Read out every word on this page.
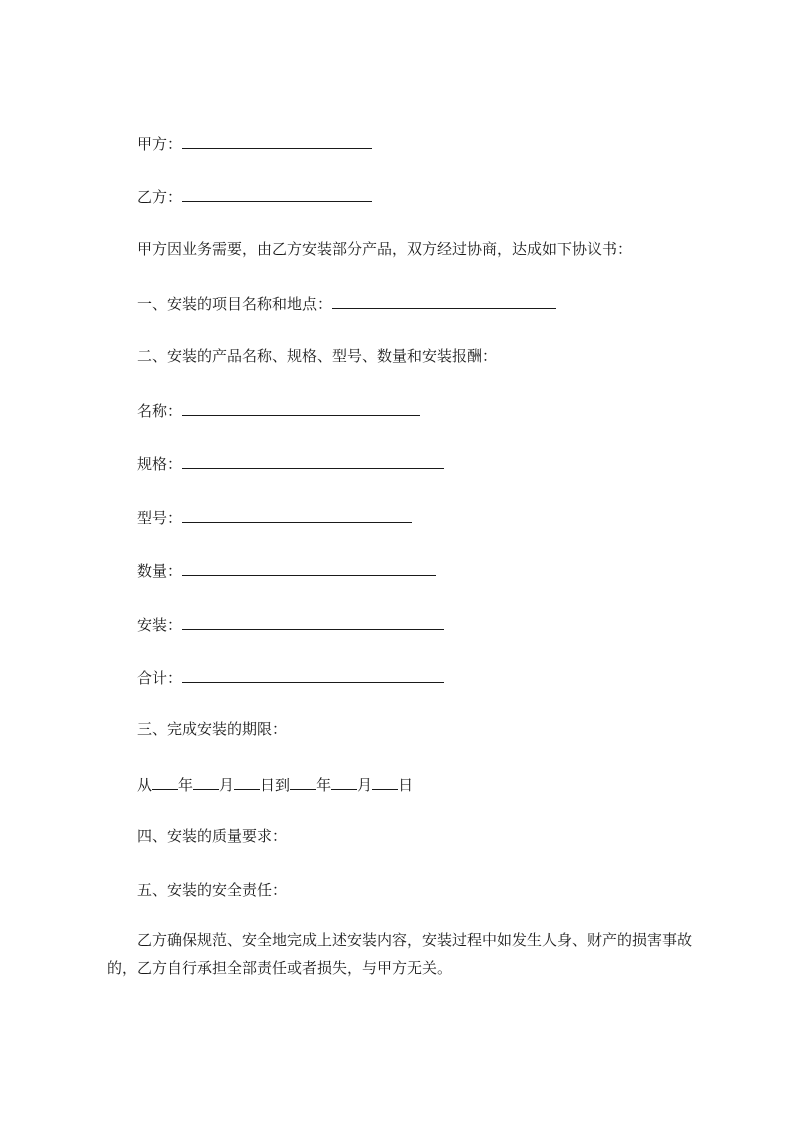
甲方：
乙方：
甲方因业务需要，由乙方安装部分产品，双方经过协商，达成如下协议书：
一、安装的项目名称和地点：
二、安装的产品名称、规格、型号、数量和安装报酬：
名称：
规格：
型号：
数量：
安装：
合计：
三、完成安装的期限：
从 年 月 日到 年 月 日
四、安装的质量要求：
五、安装的安全责任：
乙方确保规范、安全地完成上述安装内容，安装过程中如发生人身、财产的损害事故的，乙方自行承担全部责任或者损失，与甲方无关。
